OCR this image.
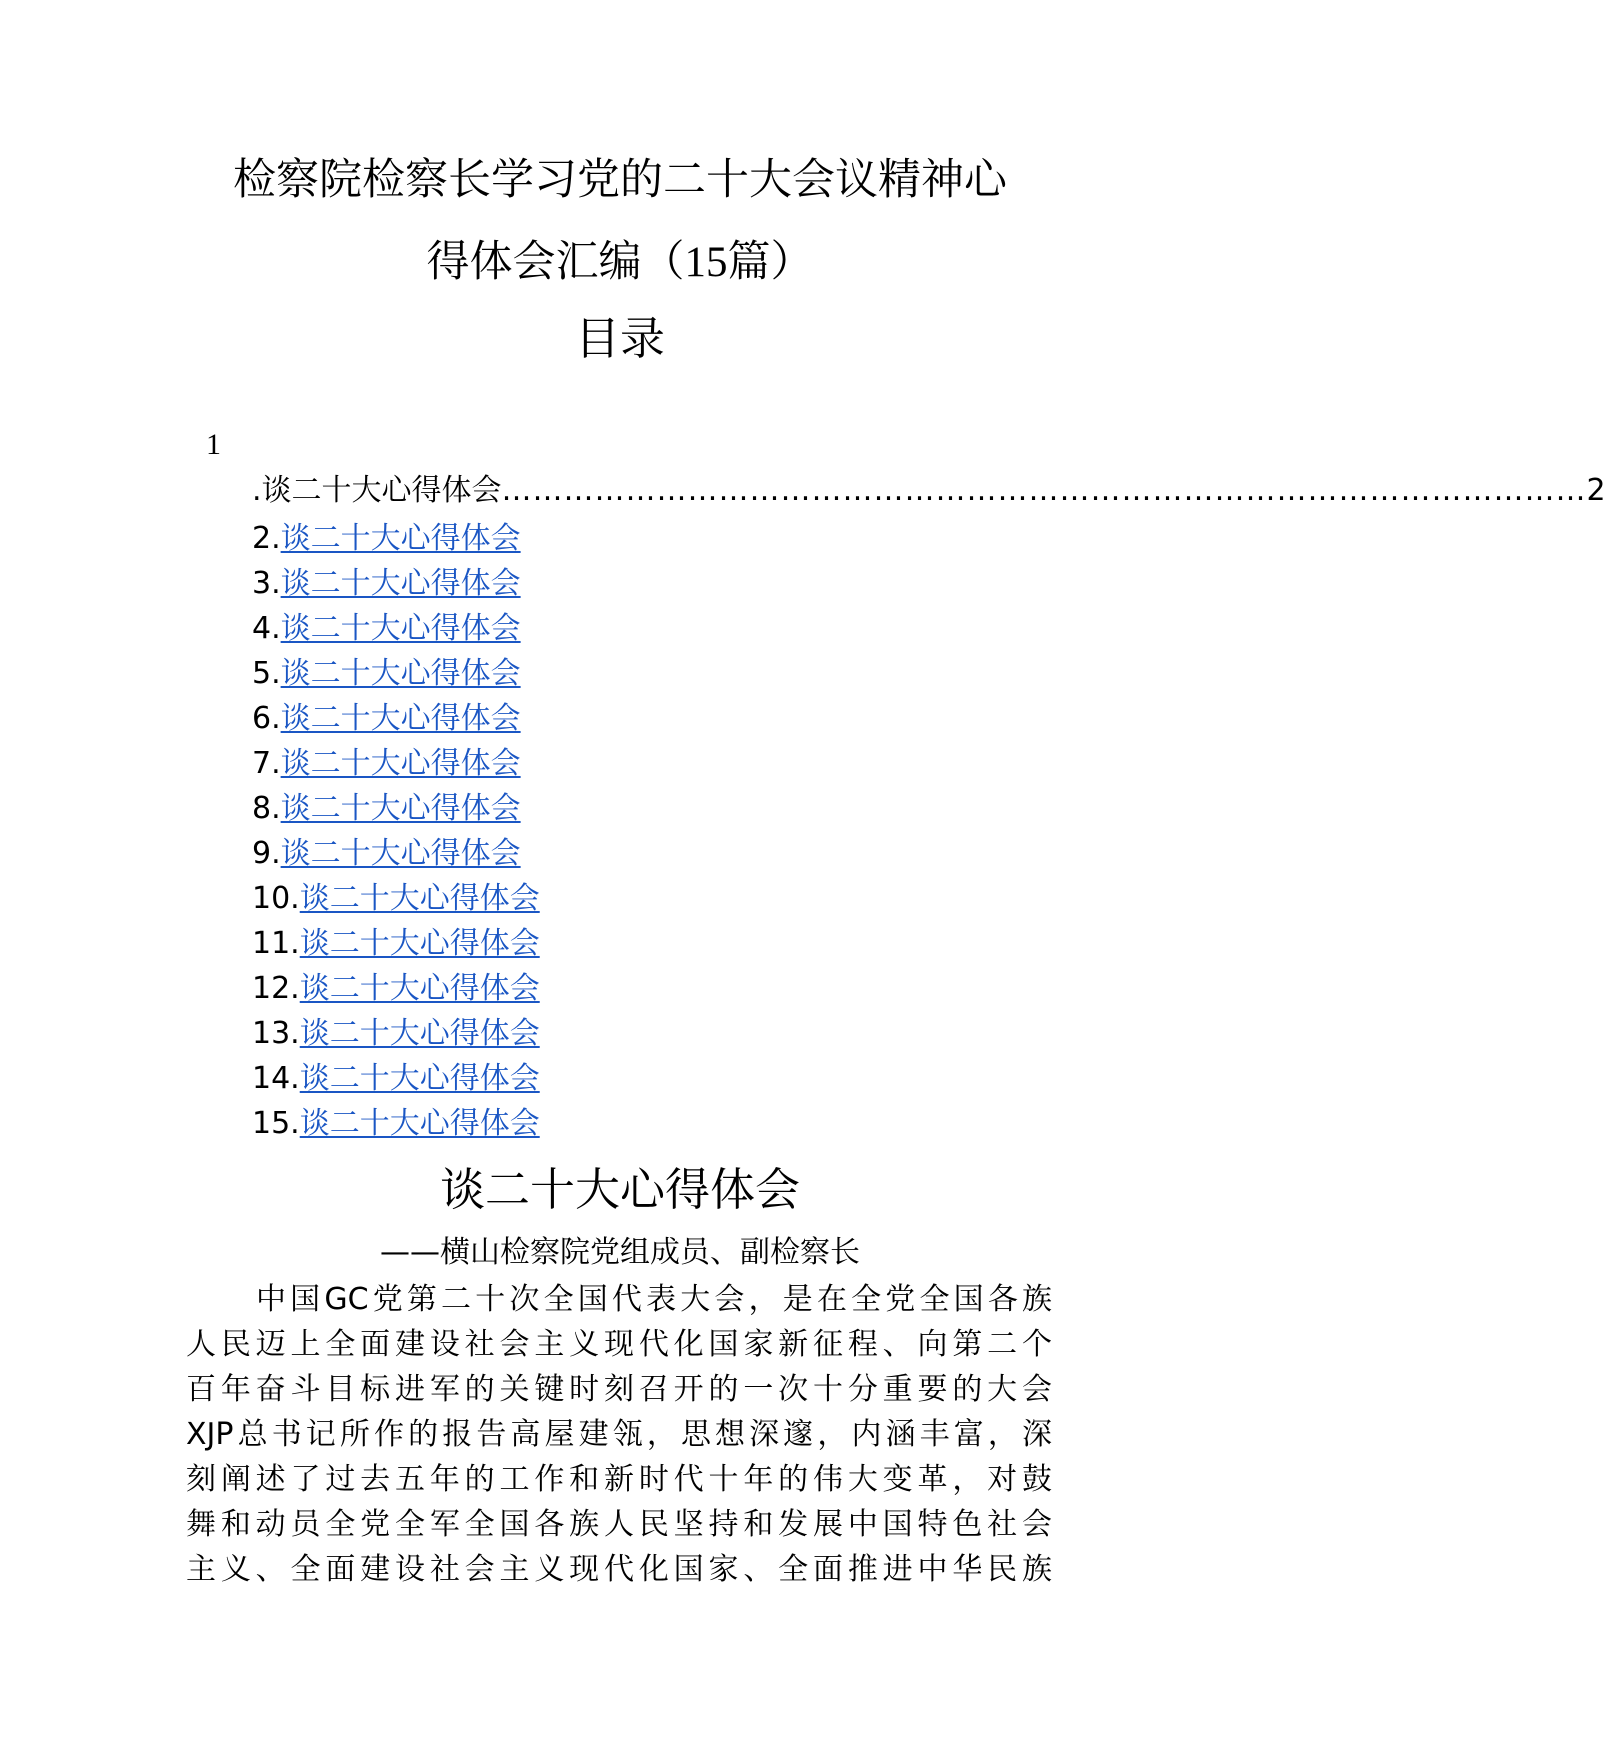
检察院检察长学习党的二十大会议精神心
得体会汇编（15篇）
目录
1
.谈二十大心得体会 …………………………………………………………………………………………… 2
2.谈二十大心得体会
3.谈二十大心得体会
4.谈二十大心得体会
5.谈二十大心得体会
6.谈二十大心得体会
7.谈二十大心得体会
8.谈二十大心得体会
9.谈二十大心得体会
10.谈二十大心得体会
11.谈二十大心得体会
12.谈二十大心得体会
13.谈二十大心得体会
14.谈二十大心得体会
15.谈二十大心得体会
谈二十大心得体会
——横山检察院党组成员、副检察长
中国GC党第二十次全国代表大会，是在全党全国各族
人民迈上全面建设社会主义现代化国家新征程、向第二个
百年奋斗目标进军的关键时刻召开的一次十分重要的大会
XJP总书记所作的报告高屋建瓴，思想深邃，内涵丰富，深
刻阐述了过去五年的工作和新时代十年的伟大变革，对鼓
舞和动员全党全军全国各族人民坚持和发展中国特色社会
主义、全面建设社会主义现代化国家、全面推进中华民族
